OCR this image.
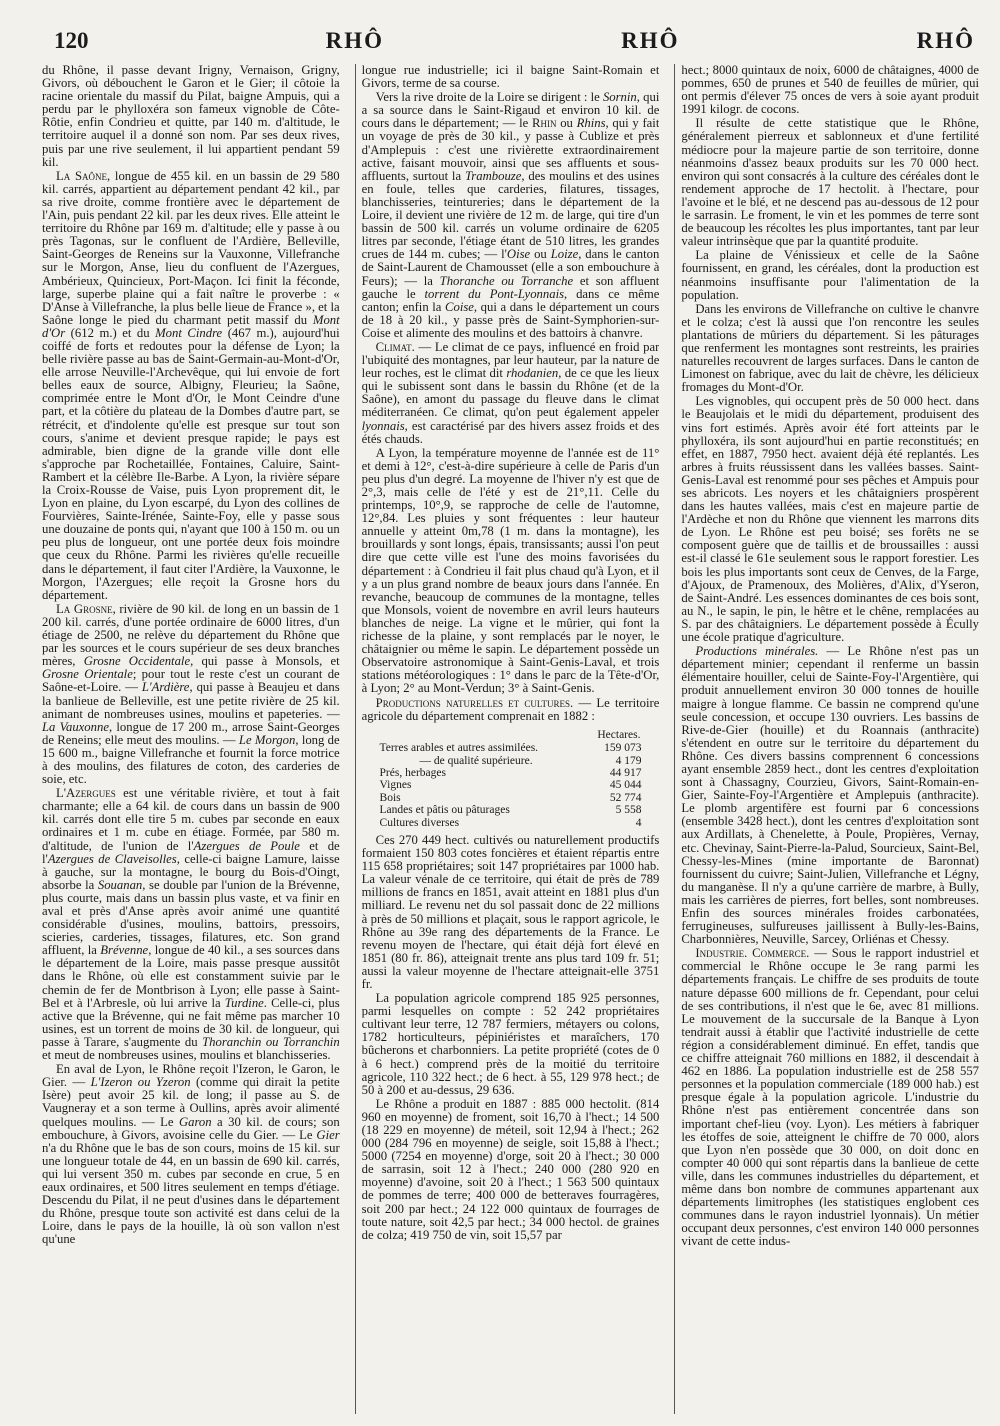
120	RHÔ	RHÔ	RHÔ

du Rhône, il passe devant Irigny, Vernaison, Grigny, Givors, où débouchent le Garon et le Gier; il côtoie la racine orientale du massif du Pilat, baigne Ampuis, qui a perdu par le phylloxéra son fameux vignoble de Côte-Rôtie, enfin Condrieu et quitte, par 140 m. d'altitude, le territoire auquel il a donné son nom. Par ses deux rives, puis par une rive seulement, il lui appartient pendant 59 kil.

La Saône, longue de 455 kil. en un bassin de 29 580 kil. carrés, appartient au département pendant 42 kil., par sa rive droite, comme frontière avec le département de l'Ain, puis pendant 22 kil. par les deux rives. Elle atteint le territoire du Rhône par 169 m. d'altitude; elle y passe à ou près Tagonas, sur le confluent de l'Ardière, Belleville, Saint-Georges de Reneins sur la Vauxonne, Villefranche sur le Morgon, Anse, lieu du confluent de l'Azergues, Ambérieux, Quincieux, Port-Maçon. Ici finit la féconde, large, superbe plaine qui a fait naître le proverbe : « D'Anse à Villefranche, la plus belle lieue de France », et la Saône longe le pied du charmant petit massif du Mont d'Or (612 m.) et du Mont Cindre (467 m.), aujourd'hui coiffé de forts et redoutes pour la défense de Lyon; la belle rivière passe au bas de Saint-Germain-au-Mont-d'Or, elle arrose Neuville-l'Archevêque, qui lui envoie de fort belles eaux de source, Albigny, Fleurieu; la Saône, comprimée entre le Mont d'Or, le Mont Ceindre d'une part, et la côtière du plateau de la Dombes d'autre part, se rétrécit, et d'indolente qu'elle est presque sur tout son cours, s'anime et devient presque rapide; le pays est admirable, bien digne de la grande ville dont elle s'approche par Rochetaillée, Fontaines, Caluire, Saint-Rambert et la célèbre Ile-Barbe. A Lyon, la rivière sépare la Croix-Rousse de Vaise, puis Lyon proprement dit, le Lyon en plaine, du Lyon escarpé, du Lyon des collines de Fourvières, Sainte-Irénée, Sainte-Foy, elle y passe sous une douzaine de ponts qui, n'ayant que 100 à 150 m. ou un peu plus de longueur, ont une portée deux fois moindre que ceux du Rhône. Parmi les rivières qu'elle recueille dans le département, il faut citer l'Ardière, la Vauxonne, le Morgon, l'Azergues; elle reçoit la Grosne hors du département.

La Grosne, rivière de 90 kil. de long en un bassin de 1 200 kil. carrés, d'une portée ordinaire de 6000 litres, d'un étiage de 2500, ne relève du département du Rhône que par les sources et le cours supérieur de ses deux branches mères, Grosne Occidentale, qui passe à Monsols, et Grosne Orientale; pour tout le reste c'est un courant de Saône-et-Loire. — L'Ardière, qui passe à Beaujeu et dans la banlieue de Belleville, est une petite rivière de 25 kil. animant de nombreuses usines, moulins et papeteries. — La Vauxonne, longue de 17 200 m., arrose Saint-Georges de Reneins; elle meut des moulins. — Le Morgon, long de 15 600 m., baigne Villefranche et fournit la force motrice à des moulins, des filatures de coton, des carderies de soie, etc.

L'Azergues est une véritable rivière, et tout à fait charmante; elle a 64 kil. de cours dans un bassin de 900 kil. carrés dont elle tire 5 m. cubes par seconde en eaux ordinaires et 1 m. cube en étiage. Formée, par 580 m. d'altitude, de l'union de l'Azergues de Poule et de l'Azergues de Claveisolles, celle-ci baigne Lamure, laisse à gauche, sur la montagne, le bourg du Bois-d'Oingt, absorbe la Souanan, se double par l'union de la Brévenne, plus courte, mais dans un bassin plus vaste, et va finir en aval et près d'Anse après avoir animé une quantité considérable d'usines, moulins, battoirs, pressoirs, scieries, carderies, tissages, filatures, etc. Son grand affluent, la Brévenne, longue de 40 kil., a ses sources dans le département de la Loire, mais passe presque aussitôt dans le Rhône, où elle est constamment suivie par le chemin de fer de Montbrison à Lyon; elle passe à Saint-Bel et à l'Arbresle, où lui arrive la Turdine. Celle-ci, plus active que la Brévenne, qui ne fait même pas marcher 10 usines, est un torrent de moins de 30 kil. de longueur, qui passe à Tarare, s'augmente du Thoranchin ou Torranchin et meut de nombreuses usines, moulins et blanchisseries.

En aval de Lyon, le Rhône reçoit l'Izeron, le Garon, le Gier. — L'Izeron ou Yzeron (comme qui dirait la petite Isère) peut avoir 25 kil. de long; il passe au S. de Vaugneray et a son terme à Oullins, après avoir alimenté quelques moulins. — Le Garon a 30 kil. de cours; son embouchure, à Givors, avoisine celle du Gier. — Le Gier n'a du Rhône que le bas de son cours, moins de 15 kil. sur une longueur totale de 44, en un bassin de 690 kil. carrés, qui lui versent 350 m. cubes par seconde en crue, 5 en eaux ordinaires, et 500 litres seulement en temps d'étiage. Descendu du Pilat, il ne peut d'usines dans le département du Rhône, presque toute son activité est dans celui de la Loire, dans le pays de la houille, là où son vallon n'est qu'une

longue rue industrielle; ici il baigne Saint-Romain et Givors, terme de sa course.

Vers la rive droite de la Loire se dirigent : le Sornin, qui a sa source dans le Saint-Rigaud et environ 10 kil. de cours dans le département; — le Rhin ou Rhins, qui y fait un voyage de près de 30 kil., y passe à Cublize et près d'Amplepuis : c'est une rivièrette extraordinairement active, faisant mouvoir, ainsi que ses affluents et sous-affluents, surtout la Trambouze, des moulins et des usines en foule, telles que carderies, filatures, tissages, blanchisseries, teintureries; dans le département de la Loire, il devient une rivière de 12 m. de large, qui tire d'un bassin de 500 kil. carrés un volume ordinaire de 6205 litres par seconde, l'étiage étant de 510 litres, les grandes crues de 144 m. cubes; — l'Oise ou Loize, dans le canton de Saint-Laurent de Chamousset (elle a son embouchure à Feurs); — la Thoranche ou Torranche et son affluent gauche le torrent du Pont-Lyonnais, dans ce même canton; enfin la Coise, qui a dans le département un cours de 18 à 20 kil., y passe près de Saint-Symphorien-sur-Coise et alimente des moulins et des battoirs à chanvre.

Climat. — Le climat de ce pays, influencé en froid par l'ubiquité des montagnes, par leur hauteur, par la nature de leur roches, est le climat dit rhodanien, de ce que les lieux qui le subissent sont dans le bassin du Rhône (et de la Saône), en amont du passage du fleuve dans le climat méditerranéen. Ce climat, qu'on peut également appeler lyonnais, est caractérisé par des hivers assez froids et des étés chauds.

A Lyon, la température moyenne de l'année est de 11° et demi à 12°, c'est-à-dire supérieure à celle de Paris d'un peu plus d'un degré. La moyenne de l'hiver n'y est que de 2°,3, mais celle de l'été y est de 21°,11. Celle du printemps, 10°,9, se rapproche de celle de l'automne, 12°,84. Les pluies y sont fréquentes : leur hauteur annuelle y atteint 0m,78 (1 m. dans la montagne), les brouillards y sont longs, épais, transissants; aussi l'on peut dire que cette ville est l'une des moins favorisées du département : à Condrieu il fait plus chaud qu'à Lyon, et il y a un plus grand nombre de beaux jours dans l'année. En revanche, beaucoup de communes de la montagne, telles que Monsols, voient de novembre en avril leurs hauteurs blanches de neige. La vigne et le mûrier, qui font la richesse de la plaine, y sont remplacés par le noyer, le châtaignier ou même le sapin. Le département possède un Observatoire astronomique à Saint-Genis-Laval, et trois stations météorologiques : 1° dans le parc de la Tête-d'Or, à Lyon; 2° au Mont-Verdun; 3° à Saint-Genis.

Productions naturelles et cultures. — Le territoire agricole du département comprenait en 1882 :

	Hectares.
Terres arables et autres assimilées.	159 073
— de qualité supérieure.	4 179
Prés, herbages	44 917
Vignes	45 044
Bois	52 774
Landes et pâtis ou pâturages	5 558
Cultures diverses	4

Ces 270 449 hect. cultivés ou naturellement productifs formaient 150 803 cotes foncières et étaient répartis entre 115 658 propriétaires; soit 147 propriétaires par 1000 hab. La valeur vénale de ce territoire, qui était de près de 789 millions de francs en 1851, avait atteint en 1881 plus d'un milliard. Le revenu net du sol passait donc de 22 millions à près de 50 millions et plaçait, sous le rapport agricole, le Rhône au 39e rang des départements de la France. Le revenu moyen de l'hectare, qui était déjà fort élevé en 1851 (80 fr. 86), atteignait trente ans plus tard 109 fr. 51; aussi la valeur moyenne de l'hectare atteignait-elle 3751 fr.

La population agricole comprend 185 925 personnes, parmi lesquelles on compte : 52 242 propriétaires cultivant leur terre, 12 787 fermiers, métayers ou colons, 1782 horticulteurs, pépiniéristes et maraîchers, 170 bûcherons et charbonniers. La petite propriété (cotes de 0 à 6 hect.) comprend près de la moitié du territoire agricole, 110 322 hect.; de 6 hect. à 55, 129 978 hect.; de 50 à 200 et au-dessus, 29 636.

Le Rhône a produit en 1887 : 885 000 hectolit. (814 960 en moyenne) de froment, soit 16,70 à l'hect.; 14 500 (18 229 en moyenne) de méteil, soit 12,94 à l'hect.; 262 000 (284 796 en moyenne) de seigle, soit 15,88 à l'hect.; 5000 (7254 en moyenne) d'orge, soit 20 à l'hect.; 30 000 de sarrasin, soit 12 à l'hect.; 240 000 (280 920 en moyenne) d'avoine, soit 20 à l'hect.; 1 563 500 quintaux de pommes de terre; 400 000 de betteraves fourragères, soit 200 par hect.; 24 122 000 quintaux de fourrages de toute nature, soit 42,5 par hect.; 34 000 hectol. de graines de colza; 419 750 de vin, soit 15,57 par

hect.; 8000 quintaux de noix, 6000 de châtaignes, 4000 de pommes, 650 de prunes et 540 de feuilles de mûrier, qui ont permis d'élever 75 onces de vers à soie ayant produit 1991 kilogr. de cocons.

Il résulte de cette statistique que le Rhône, généralement pierreux et sablonneux et d'une fertilité médiocre pour la majeure partie de son territoire, donne néanmoins d'assez beaux produits sur les 70 000 hect. environ qui sont consacrés à la culture des céréales dont le rendement approche de 17 hectolit. à l'hectare, pour l'avoine et le blé, et ne descend pas au-dessous de 12 pour le sarrasin. Le froment, le vin et les pommes de terre sont de beaucoup les récoltes les plus importantes, tant par leur valeur intrinsèque que par la quantité produite.

La plaine de Vénissieux et celle de la Saône fournissent, en grand, les céréales, dont la production est néanmoins insuffisante pour l'alimentation de la population.

Dans les environs de Villefranche on cultive le chanvre et le colza; c'est là aussi que l'on rencontre les seules plantations de mûriers du département. Si les pâturages que renferment les montagnes sont restreints, les prairies naturelles recouvrent de larges surfaces. Dans le canton de Limonest on fabrique, avec du lait de chèvre, les délicieux fromages du Mont-d'Or.

Les vignobles, qui occupent près de 50 000 hect. dans le Beaujolais et le midi du département, produisent des vins fort estimés. Après avoir été fort atteints par le phylloxéra, ils sont aujourd'hui en partie reconstitués; en effet, en 1887, 7950 hect. avaient déjà été replantés. Les arbres à fruits réussissent dans les vallées basses. Saint-Genis-Laval est renommé pour ses pêches et Ampuis pour ses abricots. Les noyers et les châtaigniers prospèrent dans les hautes vallées, mais c'est en majeure partie de l'Ardèche et non du Rhône que viennent les marrons dits de Lyon. Le Rhône est peu boisé; ses forêts ne se composent guère que de taillis et de broussailles : aussi est-il classé le 61e seulement sous le rapport forestier. Les bois les plus importants sont ceux de Cenves, de la Farge, d'Ajoux, de Pramenoux, des Molières, d'Alix, d'Yseron, de Saint-André. Les essences dominantes de ces bois sont, au N., le sapin, le pin, le hêtre et le chêne, remplacées au S. par des châtaigniers. Le département possède à Écully une école pratique d'agriculture.

Productions minérales. — Le Rhône n'est pas un département minier; cependant il renferme un bassin élémentaire houiller, celui de Sainte-Foy-l'Argentière, qui produit annuellement environ 30 000 tonnes de houille maigre à longue flamme. Ce bassin ne comprend qu'une seule concession, et occupe 130 ouvriers. Les bassins de Rive-de-Gier (houille) et du Roannais (anthracite) s'étendent en outre sur le territoire du département du Rhône. Ces divers bassins comprennent 6 concessions ayant ensemble 2859 hect., dont les centres d'exploitation sont à Chassagny, Courzieu, Givors, Saint-Romain-en-Gier, Sainte-Foy-l'Argentière et Amplepuis (anthracite). Le plomb argentifère est fourni par 6 concessions (ensemble 3428 hect.), dont les centres d'exploitation sont aux Ardillats, à Chenelette, à Poule, Propières, Vernay, etc. Chevinay, Saint-Pierre-la-Palud, Sourcieux, Saint-Bel, Chessy-les-Mines (mine importante de Baronnat) fournissent du cuivre; Saint-Julien, Villefranche et Légny, du manganèse. Il n'y a qu'une carrière de marbre, à Bully, mais les carrières de pierres, fort belles, sont nombreuses. Enfin des sources minérales froides carbonatées, ferrugineuses, sulfureuses jaillissent à Bully-les-Bains, Charbonnières, Neuville, Sarcey, Orliénas et Chessy.

Industrie. Commerce. — Sous le rapport industriel et commercial le Rhône occupe le 3e rang parmi les départements français. Le chiffre de ses produits de toute nature dépasse 600 millions de fr. Cependant, pour celui de ses contributions, il n'est que le 6e, avec 81 millions. Le mouvement de la succursale de la Banque à Lyon tendrait aussi à établir que l'activité industrielle de cette région a considérablement diminué. En effet, tandis que ce chiffre atteignait 760 millions en 1882, il descendait à 462 en 1886. La population industrielle est de 258 557 personnes et la population commerciale (189 000 hab.) est presque égale à la population agricole. L'industrie du Rhône n'est pas entièrement concentrée dans son important chef-lieu (voy. Lyon). Les métiers à fabriquer les étoffes de soie, atteignent le chiffre de 70 000, alors que Lyon n'en possède que 30 000, on doit donc en compter 40 000 qui sont répartis dans la banlieue de cette ville, dans les communes industrielles du département, et même dans bon nombre de communes appartenant aux départements limitrophes (les statistiques englobent ces communes dans le rayon industriel lyonnais). Un métier occupant deux personnes, c'est environ 140 000 personnes vivant de cette indus-
